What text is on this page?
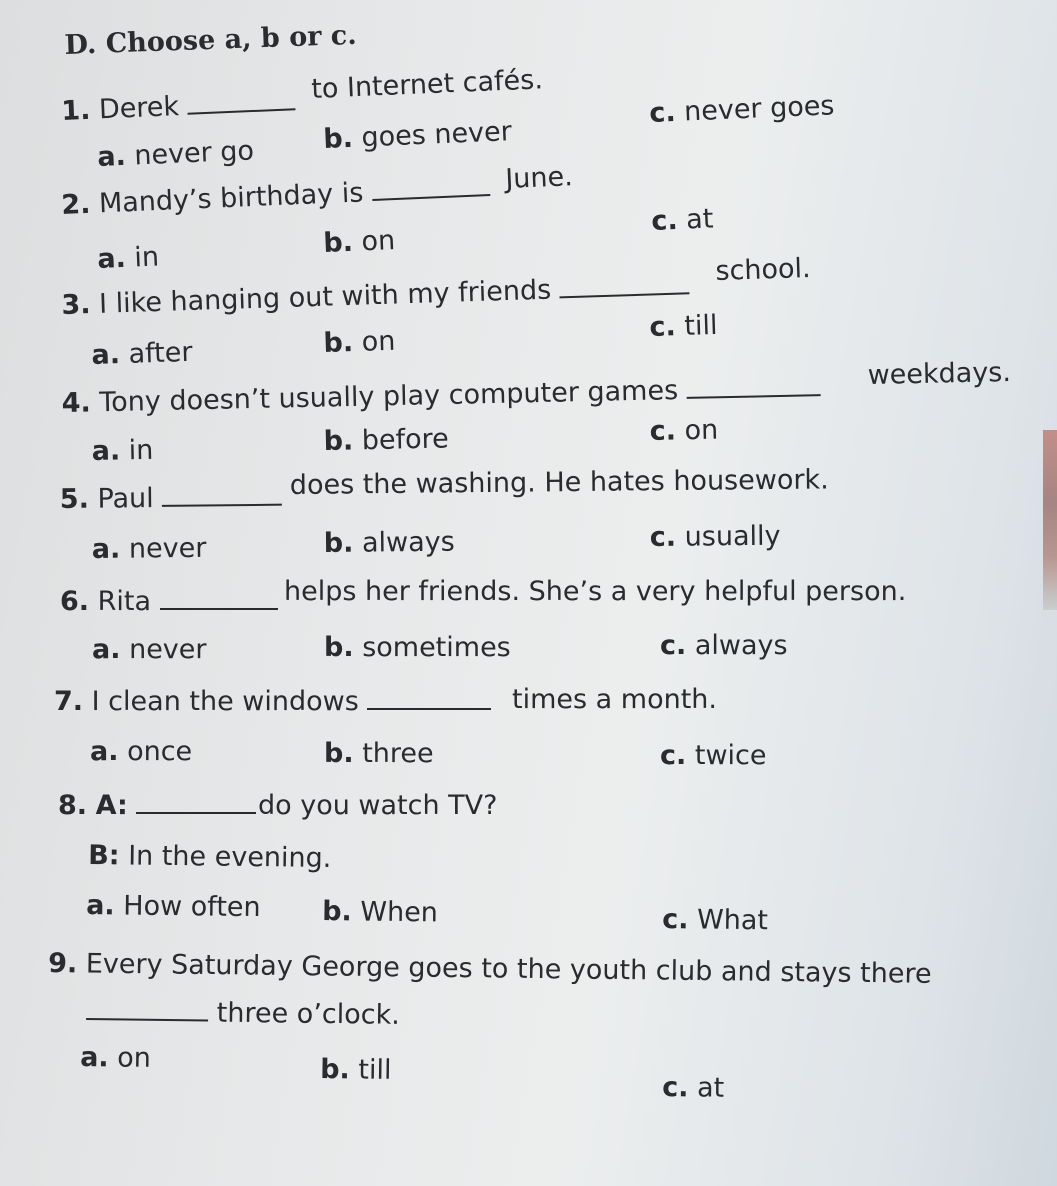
D. Choose a, b or c.
1. Derek
to Internet cafés.
a. never go	b. goes never
c. never goes
2. Mandy’s birthday is	June.
a. in	b. on
c. at
3. I like hanging out with my friends
school.
a. after	b. on	c. till
4. Tony doesn’t usually play computer games
weekdays.
a. in	b. before	c. on
5. Paul	does the washing. He hates housework.
a. never	b. always	c. usually
6. Rita	helps her friends. She’s a very helpful person.
a. never	b. sometimes	c. always
7. I clean the windows	times a month.
a. once	b. three	c. twice
8. A:	do you watch TV?
B: In the evening.
a. How often b. When	c. What
9. Every Saturday George goes to the youth club and stays there
three o’clock.
a. on	b. till
c. at
